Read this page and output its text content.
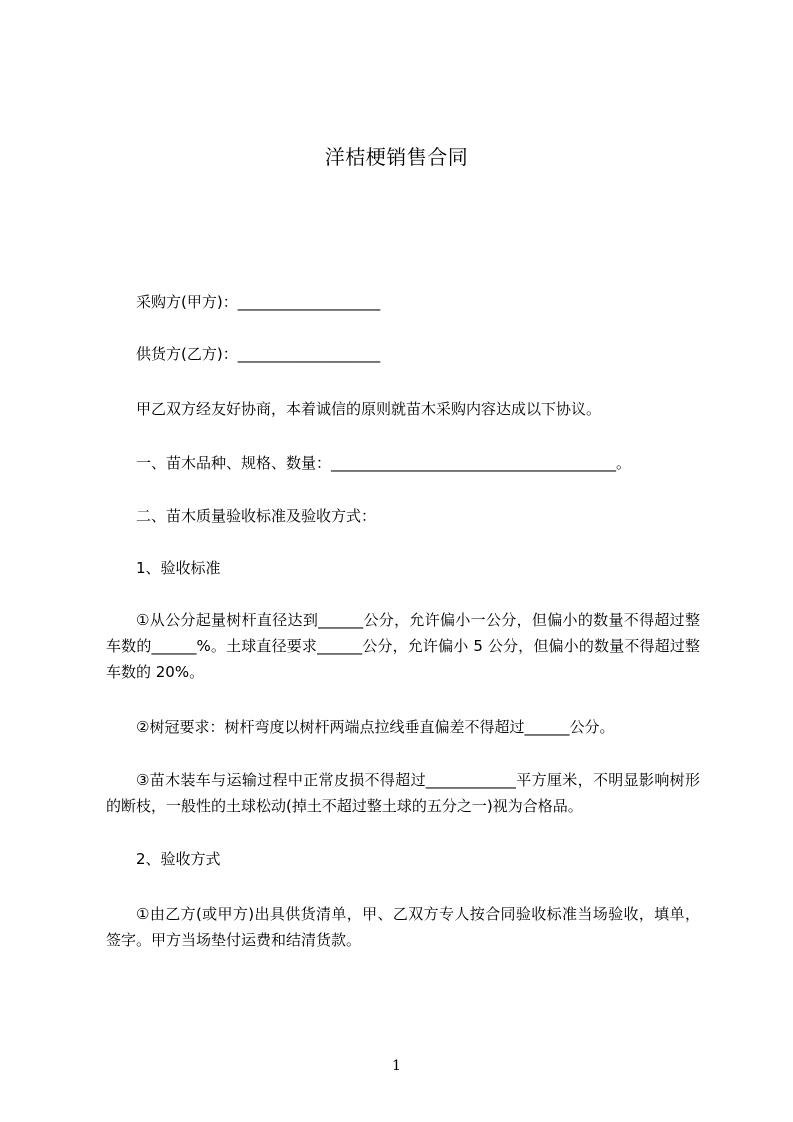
洋桔梗销售合同
采购方(甲方)：___________________
供货方(乙方)：___________________
甲乙双方经友好协商，本着诚信的原则就苗木采购内容达成以下协议。
一、苗木品种、规格、数量：______________________________________。
二、苗木质量验收标准及验收方式：
1、验收标准
①从公分起量树杆直径达到______公分，允许偏小一公分，但偏小的数量不得超过整车数的______%。土球直径要求______公分，允许偏小 5 公分，但偏小的数量不得超过整车数的 20%。
②树冠要求：树杆弯度以树杆两端点拉线垂直偏差不得超过______公分。
③苗木装车与运输过程中正常皮损不得超过____________平方厘米，不明显影响树形的断枝，一般性的土球松动(掉土不超过整土球的五分之一)视为合格品。
2、验收方式
①由乙方(或甲方)出具供货清单，甲、乙双方专人按合同验收标准当场验收，填单，签字。甲方当场垫付运费和结清货款。
1
